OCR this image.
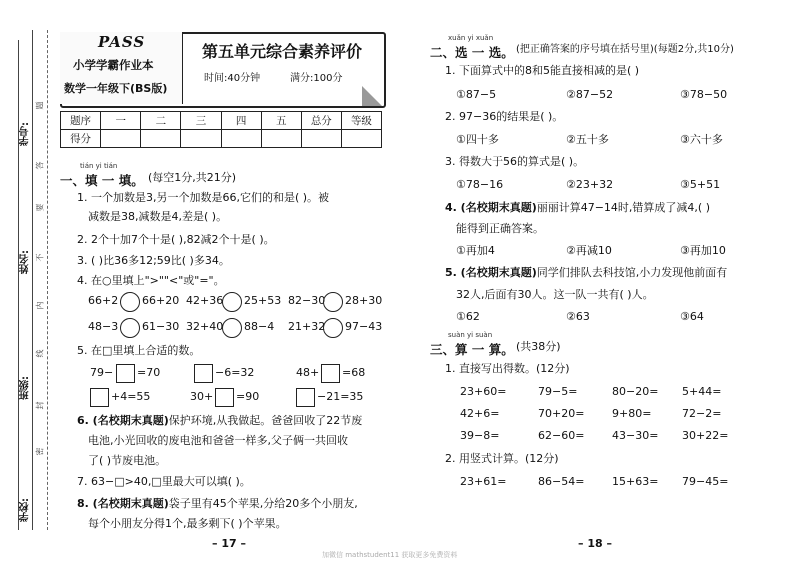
学号:
姓名:
班级:
学校:
题
答
要
不
内
线
封
密
PASS
小学学霸作业本
数学一年级下(BS版)
第五单元综合素养评价
时间:40分钟	满分:100分
题序	一	二	三	四	五	总分	等级
得分							
tián yi tián
一、填 一 填。 (每空1分,共21分)
1. 一个加数是3,另一个加数是66,它们的和是( )。被
减数是38,减数是4,差是( )。
2. 2个十加7个十是( ),82减2个十是( )。
3. ( )比36多12;59比( )多34。
4. 在○里填上">""<"或"="。
66+2 66+20 42+36 25+53 82−30 28+30
48−3 61−30 32+40 88−4 21+32 97−43
5. 在□里填上合适的数。
79− =70	−6=32	48+ =68
+4=55	30+ =90	−21=35
6. (名校期末真题)保护环境,从我做起。爸爸回收了22节废
电池,小光回收的废电池和爸爸一样多,父子俩一共回收
了( )节废电池。
7. 63−□>40,□里最大可以填( )。
8. (名校期末真题)袋子里有45个苹果,分给20多个小朋友,
每个小朋友分得1个,最多剩下( )个苹果。
– 17 –
xuǎn yi xuǎn
二、选 一 选。 (把正确答案的序号填在括号里)(每题2分,共10分)
1. 下面算式中的8和5能直接相减的是( )
①87−5	②87−52	③78−50
2. 97−36的结果是( )。
①四十多	②五十多	③六十多
3. 得数大于56的算式是( )。
①78−16	②23+32	③5+51
4. (名校期末真题)丽丽计算47−14时,错算成了减4,( )
能得到正确答案。
①再加4	②再减10	③再加10
5. (名校期末真题)同学们排队去科技馆,小力发现他前面有
32人,后面有30人。这一队一共有( )人。
①62	②63	③64
suàn yi suàn
三、算 一 算。 (共38分)
1. 直接写出得数。(12分)
23+60=	79−5=	80−20= 5+44=
42+6=	70+20=	9+80=	72−2=
39−8=	62−60=	43−30= 30+22=
2. 用竖式计算。(12分)
23+61=	86−54=	15+63= 79−45=
– 18 –
加微信 mathstudent11 获取更多免费资料
